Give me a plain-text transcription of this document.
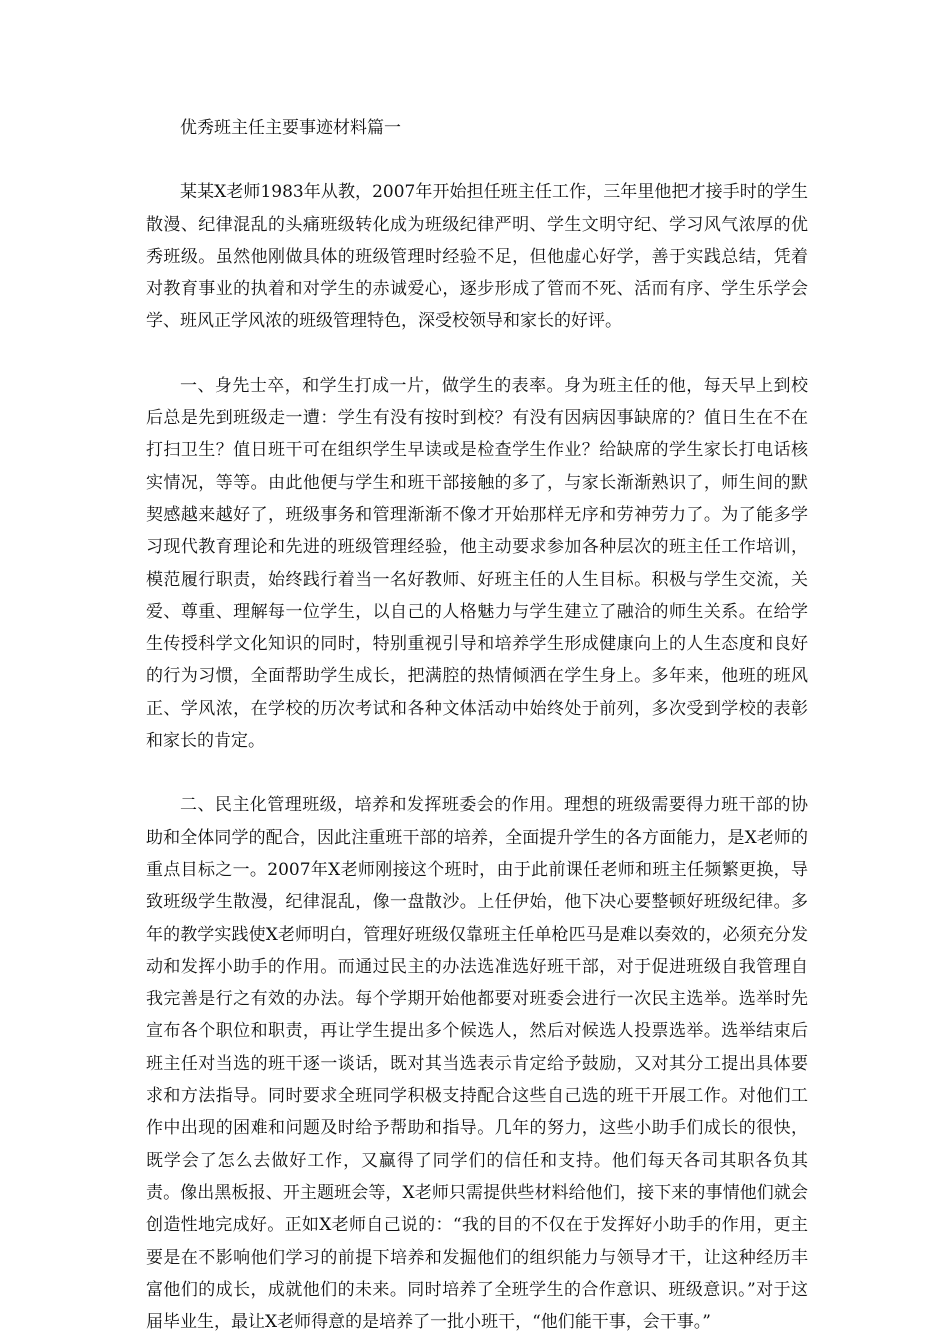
优秀班主任主要事迹材料篇一

某某X老师1983年从教，2007年开始担任班主任工作，三年里他把才接手时的学生散漫、纪律混乱的头痛班级转化成为班级纪律严明、学生文明守纪、学习风气浓厚的优秀班级。虽然他刚做具体的班级管理时经验不足，但他虚心好学，善于实践总结，凭着对教育事业的执着和对学生的赤诚爱心，逐步形成了管而不死、活而有序、学生乐学会学、班风正学风浓的班级管理特色，深受校领导和家长的好评。

一、身先士卒，和学生打成一片，做学生的表率。身为班主任的他，每天早上到校后总是先到班级走一遭：学生有没有按时到校？有没有因病因事缺席的？值日生在不在打扫卫生？值日班干可在组织学生早读或是检查学生作业？给缺席的学生家长打电话核实情况，等等。由此他便与学生和班干部接触的多了，与家长渐渐熟识了，师生间的默契感越来越好了，班级事务和管理渐渐不像才开始那样无序和劳神劳力了。为了能多学习现代教育理论和先进的班级管理经验，他主动要求参加各种层次的班主任工作培训，模范履行职责，始终践行着当一名好教师、好班主任的人生目标。积极与学生交流，关爱、尊重、理解每一位学生，以自己的人格魅力与学生建立了融洽的师生关系。在给学生传授科学文化知识的同时，特别重视引导和培养学生形成健康向上的人生态度和良好的行为习惯，全面帮助学生成长，把满腔的热情倾洒在学生身上。多年来，他班的班风正、学风浓，在学校的历次考试和各种文体活动中始终处于前列，多次受到学校的表彰和家长的肯定。

二、民主化管理班级，培养和发挥班委会的作用。理想的班级需要得力班干部的协助和全体同学的配合，因此注重班干部的培养，全面提升学生的各方面能力，是X老师的重点目标之一。2007年X老师刚接这个班时，由于此前课任老师和班主任频繁更换，导致班级学生散漫，纪律混乱，像一盘散沙。上任伊始，他下决心要整顿好班级纪律。多年的教学实践使X老师明白，管理好班级仅靠班主任单枪匹马是难以奏效的，必须充分发动和发挥小助手的作用。而通过民主的办法选准选好班干部，对于促进班级自我管理自我完善是行之有效的办法。每个学期开始他都要对班委会进行一次民主选举。选举时先宣布各个职位和职责，再让学生提出多个候选人，然后对候选人投票选举。选举结束后班主任对当选的班干逐一谈话，既对其当选表示肯定给予鼓励，又对其分工提出具体要求和方法指导。同时要求全班同学积极支持配合这些自己选的班干开展工作。对他们工作中出现的困难和问题及时给予帮助和指导。几年的努力，这些小助手们成长的很快，既学会了怎么去做好工作，又赢得了同学们的信任和支持。他们每天各司其职各负其责。像出黑板报、开主题班会等，X老师只需提供些材料给他们，接下来的事情他们就会创造性地完成好。正如X老师自己说的：“我的目的不仅在于发挥好小助手的作用，更主要是在不影响他们学习的前提下培养和发掘他们的组织能力与领导才干，让这种经历丰富他们的成长，成就他们的未来。同时培养了全班学生的合作意识、班级意识。”对于这届毕业生，最让X老师得意的是培养了一批小班干，“他们能干事，会干事。”
